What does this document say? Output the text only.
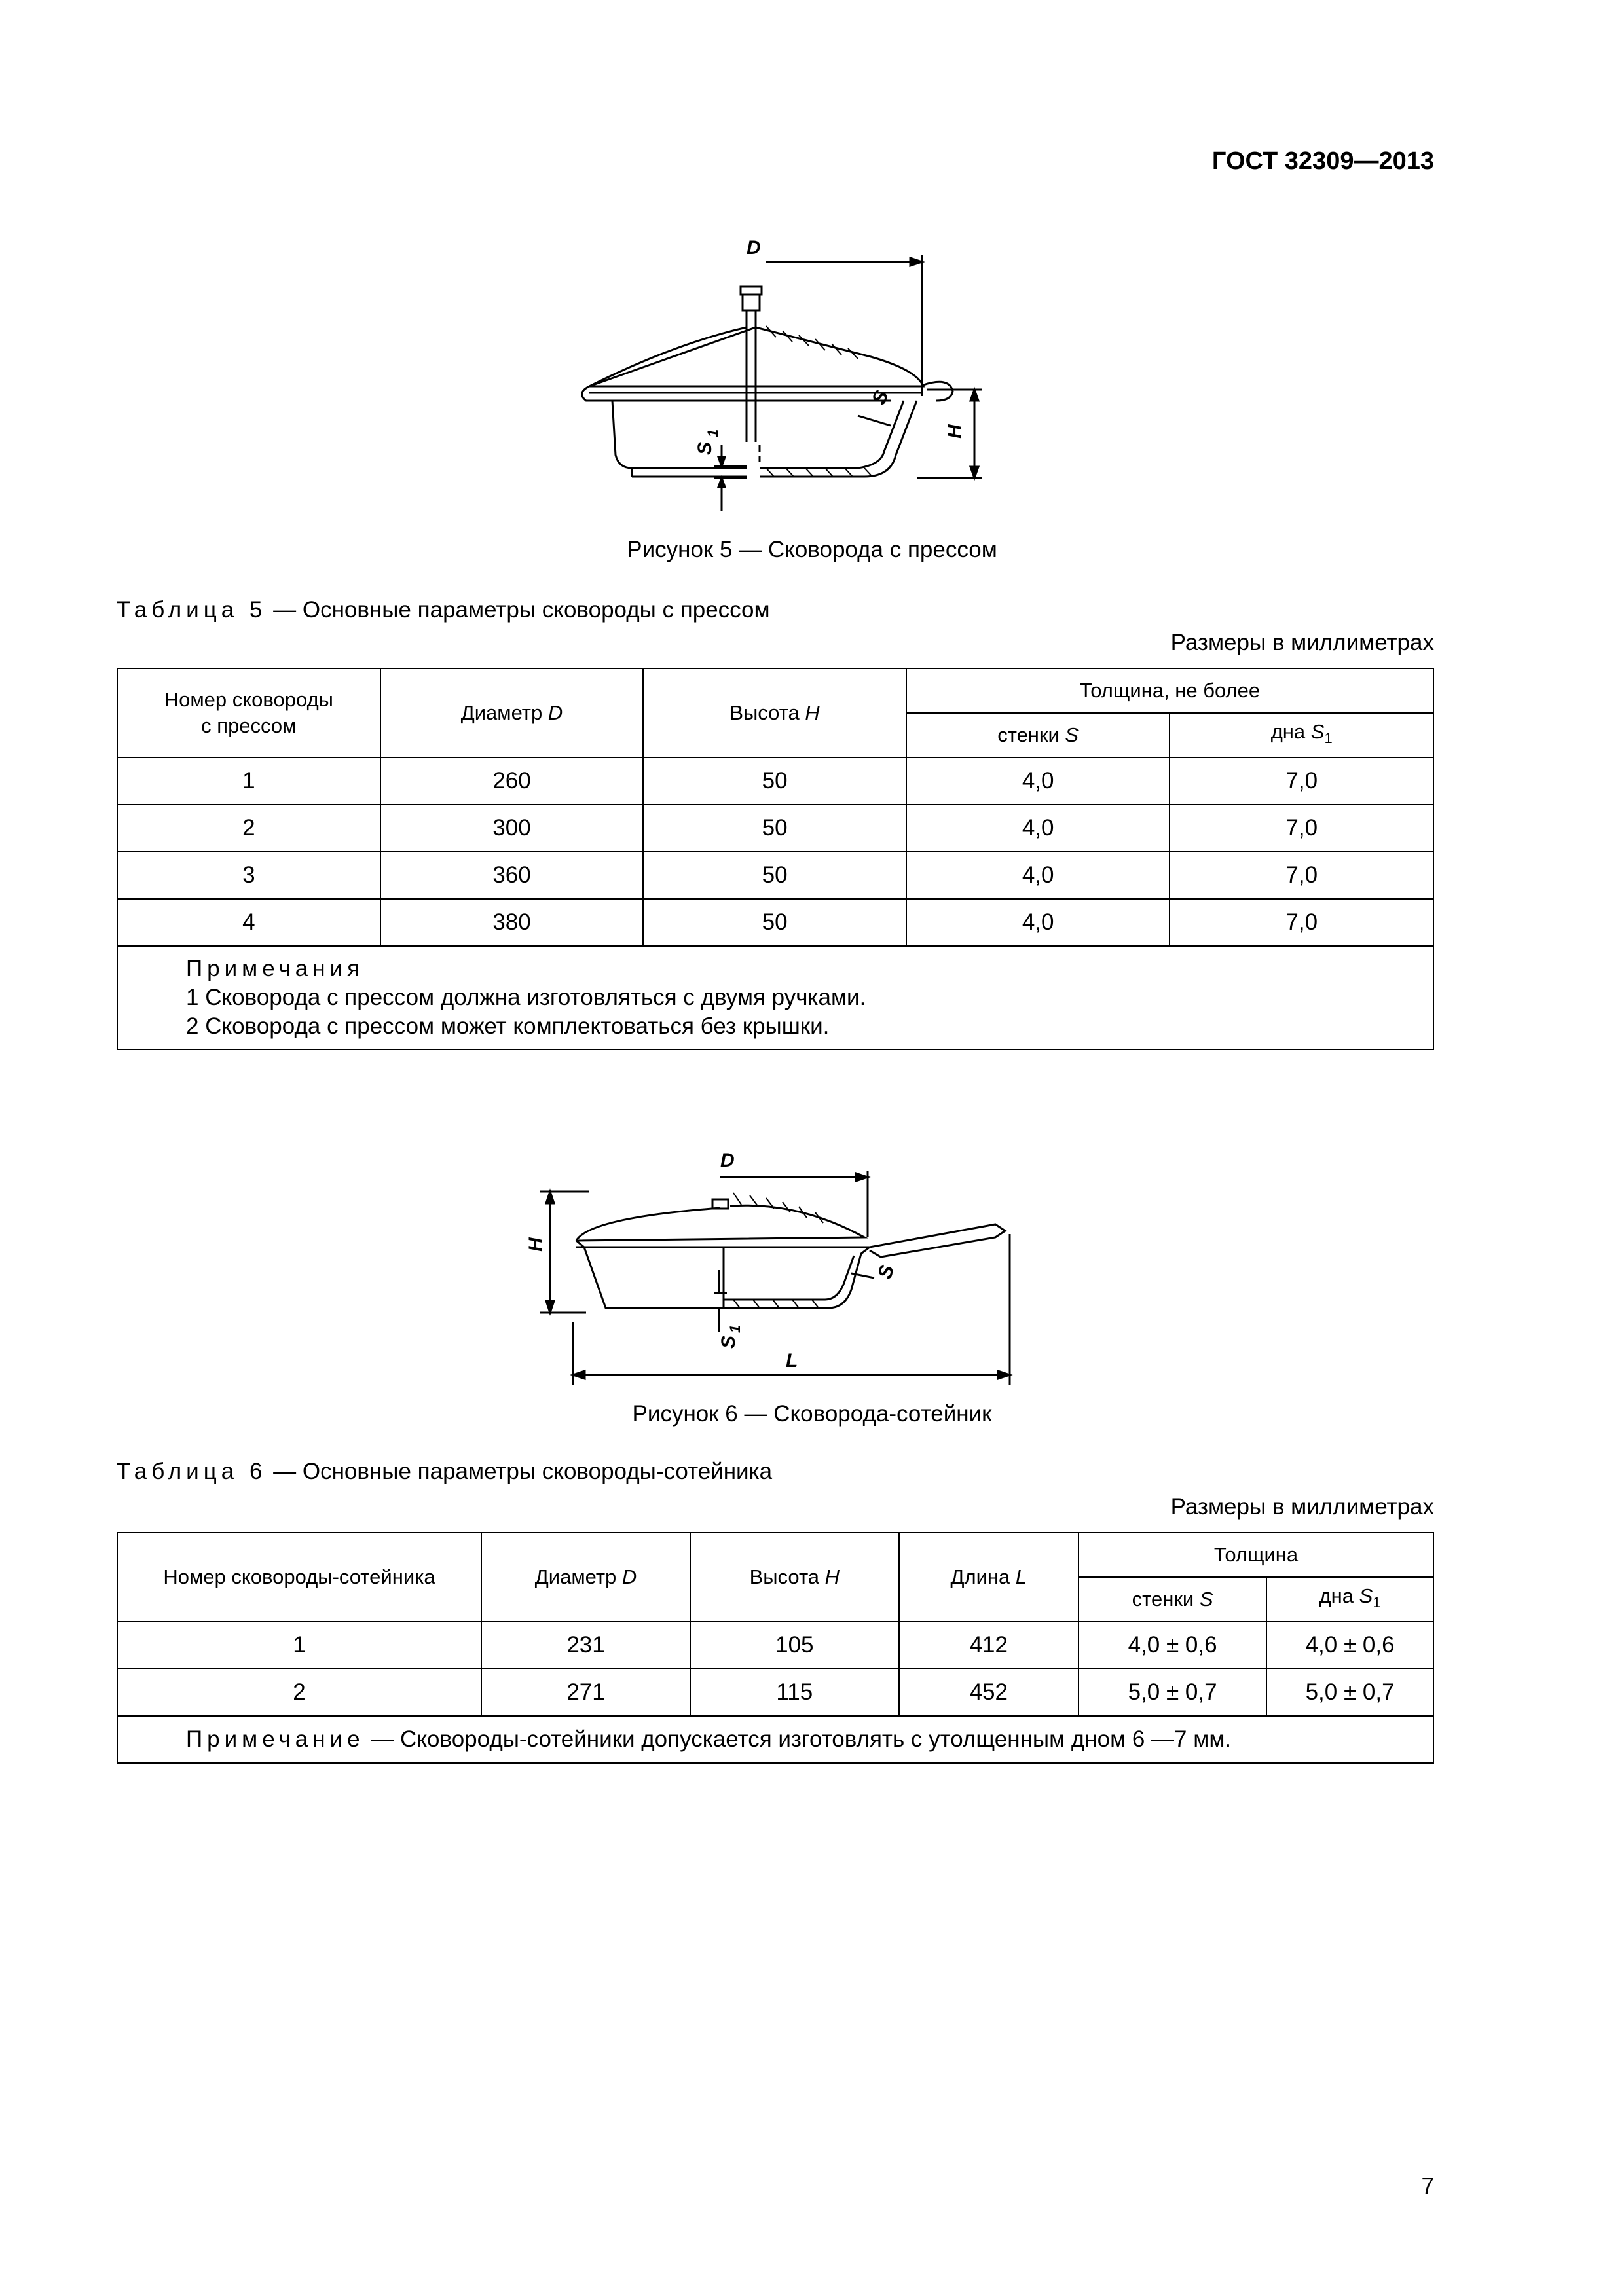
ГОСТ 32309—2013
D
H
S
S
1
Рисунок 5 — Сковорода с прессом
Таблица 5 — Основные параметры сковороды с прессом
Размеры в миллиметрах
Номер сковороды
с прессом	Диаметр D	Высота H	Толщина, не более	
			стенки S	дна $S_1$
1	260	50	4,0	7,0
2	300	50	4,0	7,0
3	360	50	4,0	7,0
4	380	50	4,0	7,0

Примечания
1 Сковорода с прессом должна изготовляться с двумя ручками.
2 Сковорода с прессом может комплектоваться без крышки.				
D
H
S
S
1
L
Рисунок 6 — Сковорода-сотейник
Таблица 6 — Основные параметры сковороды-сотейника
Размеры в миллиметрах
Номер сковороды-сотейника	Диаметр D	Высота H	Длина L	Толщина	
				стенки S	дна $S_1$
1	231	105	412	4,0 ± 0,6	4,0 ± 0,6
2	271	115	452	5,0 ± 0,7	5,0 ± 0,7
Примечание — Сковороды-сотейники допускается изготовлять с утолщенным дном 6 —7 мм.					
7
